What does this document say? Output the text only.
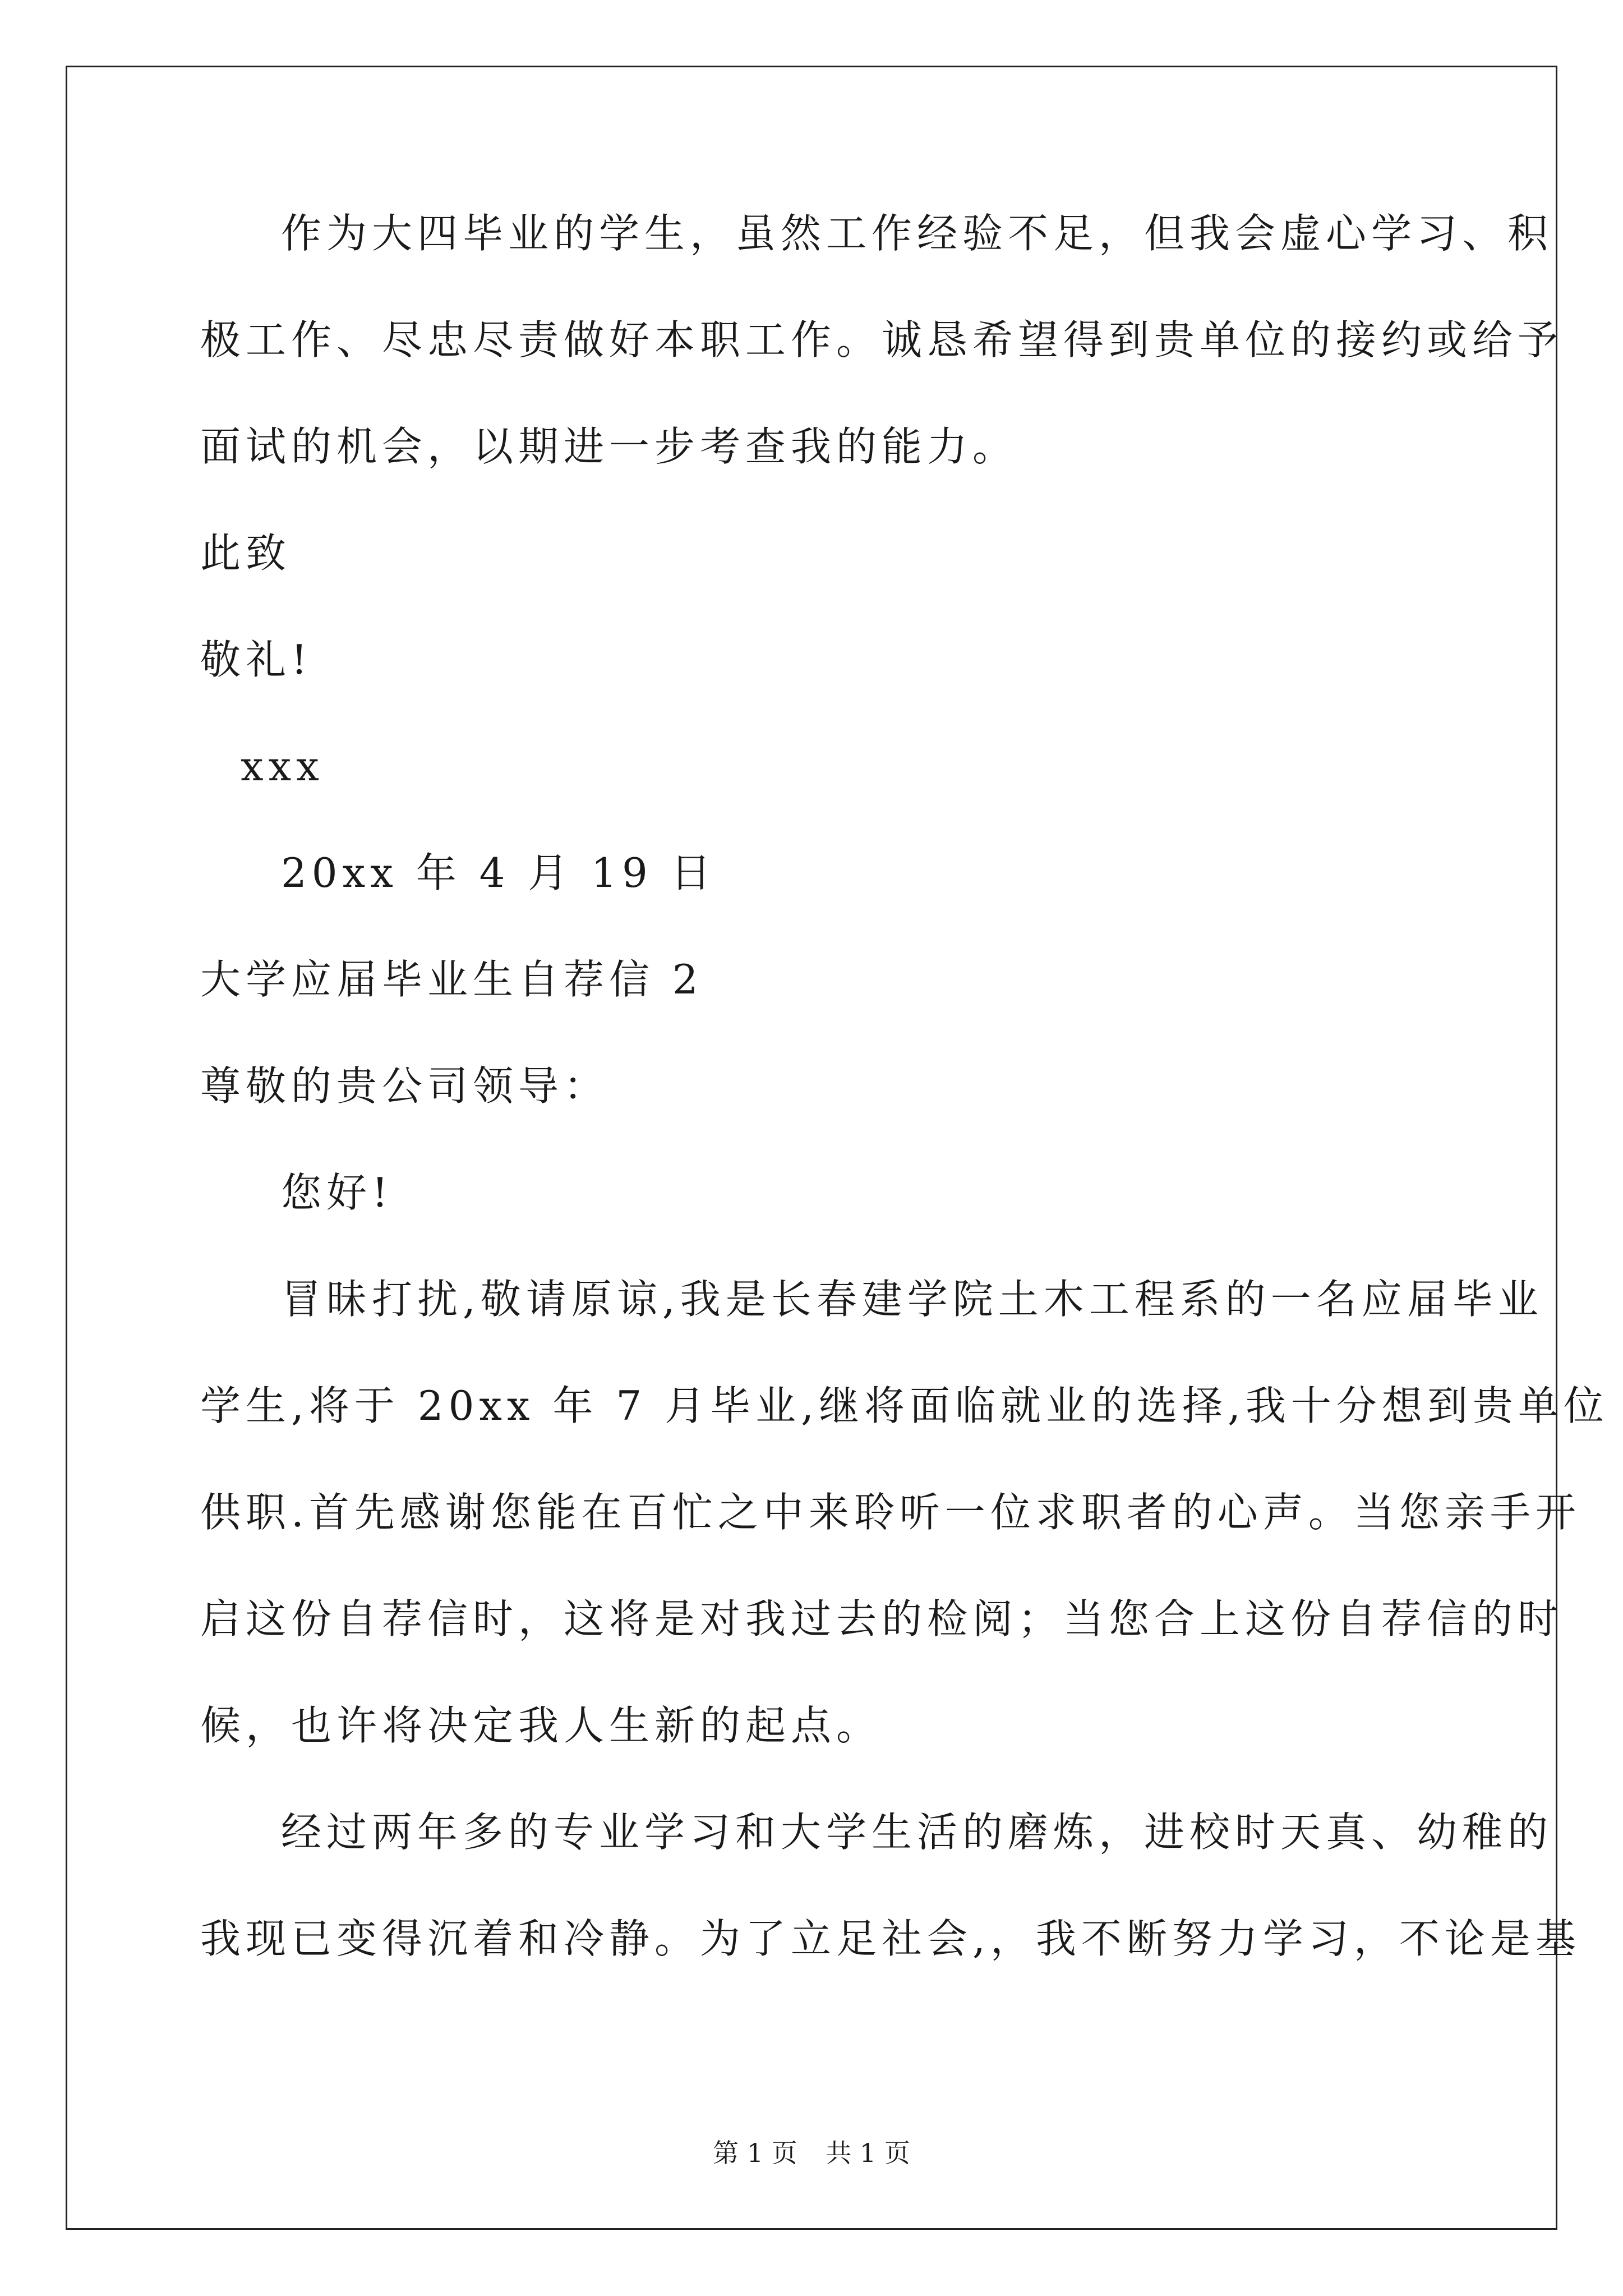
作为大四毕业的学生，虽然工作经验不足，但我会虚心学习、积
极工作、尽忠尽责做好本职工作。诚恳希望得到贵单位的接约或给予
面试的机会，以期进一步考查我的能力。
此致
敬礼!
xxx
20xx 年 4 月 19 日
大学应届毕业生自荐信 2
尊敬的贵公司领导：
您好!
冒昧打扰,敬请原谅,我是长春建学院土木工程系的一名应届毕业
学生,将于 20xx 年 7 月毕业,继将面临就业的选择,我十分想到贵单位
供职.首先感谢您能在百忙之中来聆听一位求职者的心声。当您亲手开
启这份自荐信时，这将是对我过去的检阅；当您合上这份自荐信的时
候，也许将决定我人生新的起点。
经过两年多的专业学习和大学生活的磨炼，进校时天真、幼稚的
我现已变得沉着和冷静。为了立足社会,，我不断努力学习，不论是基
第 1 页 共 1 页
